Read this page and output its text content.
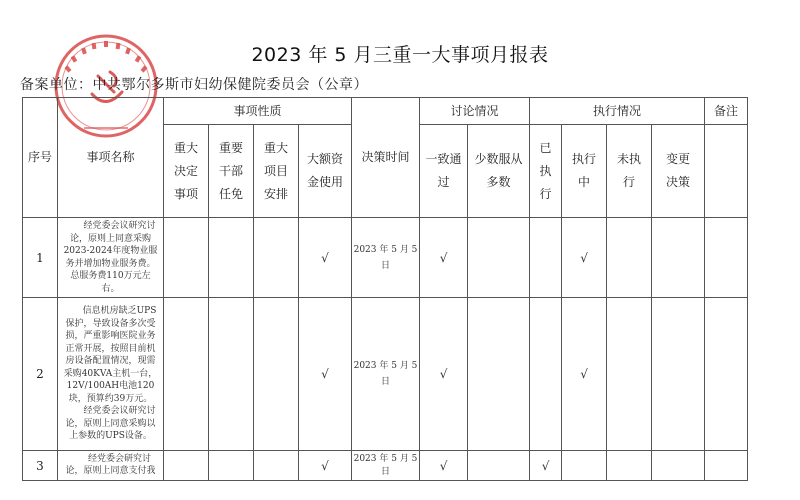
2023 年 5 月三重一大事项月报表
备案单位：中共鄂尔多斯市妇幼保健院委员会（公章）
序号	事项名称	事项性质				决策时间	讨论情况		执行情况				备注

		重大决定事项	重要干部任免	重大项目安排	大额资金使用		一致通过	少数服从多数	已执行	执行中	未执行	变更决策	

1	经党委会议研究讨论，原则上同意采购2023-2024年度物业服务并增加物业服务费。总服务费110万元左右。				√	2023 年 5 月 5日	√			√			
2	信息机房缺乏UPS保护，导致设备多次受损，严重影响医院业务正常开展，按照目前机房设备配置情况，现需采购40KVA主机一台，12V/100AH电池120块，预算约39万元。

经党委会议研究讨论，原则上同意采购以上参数的UPS设备。				√	2023 年 5 月 5日	√			√			
3	经党委会研究讨论，原则上同意支付我				√	2023 年 5 月 5日	√		√				
